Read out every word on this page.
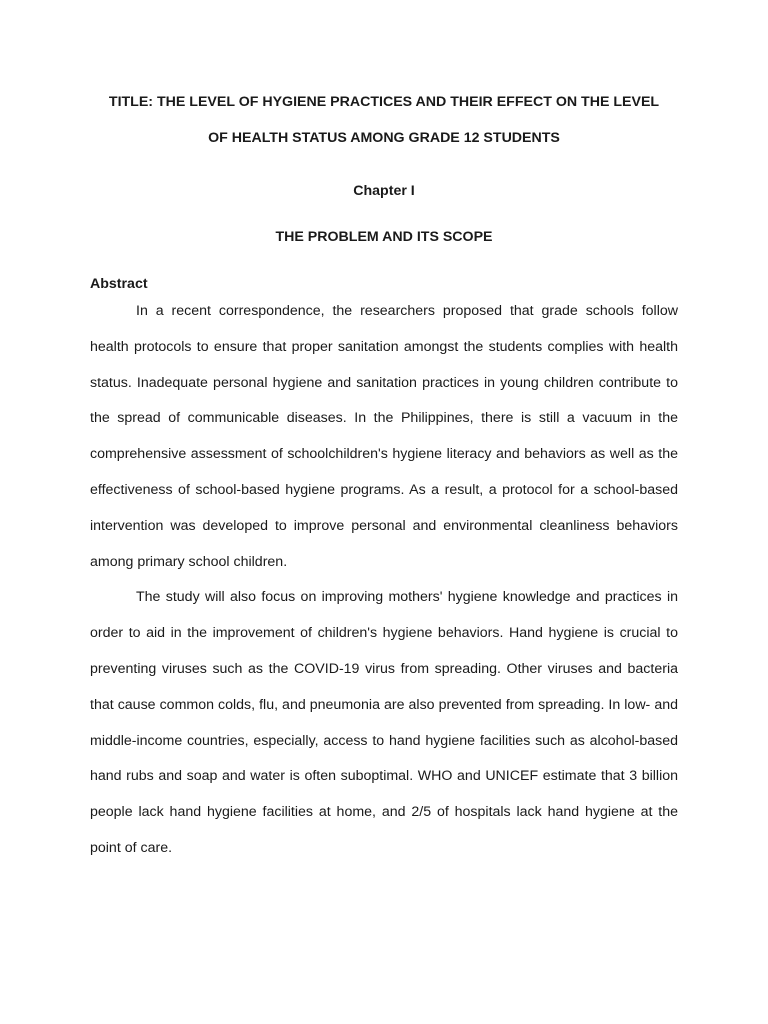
TITLE: THE LEVEL OF HYGIENE PRACTICES AND THEIR EFFECT ON THE LEVEL
OF HEALTH STATUS AMONG GRADE 12 STUDENTS
Chapter I
THE PROBLEM AND ITS SCOPE
Abstract

In a recent correspondence, the researchers proposed that grade schools follow health protocols to ensure that proper sanitation amongst the students complies with health status. Inadequate personal hygiene and sanitation practices in young children contribute to the spread of communicable diseases. In the Philippines, there is still a vacuum in the comprehensive assessment of schoolchildren's hygiene literacy and behaviors as well as the effectiveness of school-based hygiene programs. As a result, a protocol for a school-based intervention was developed to improve personal and environmental cleanliness behaviors among primary school children.

The study will also focus on improving mothers' hygiene knowledge and practices in order to aid in the improvement of children's hygiene behaviors. Hand hygiene is crucial to preventing viruses such as the COVID-19 virus from spreading. Other viruses and bacteria that cause common colds, flu, and pneumonia are also prevented from spreading. In low- and middle-income countries, especially, access to hand hygiene facilities such as alcohol-based hand rubs and soap and water is often suboptimal. WHO and UNICEF estimate that 3 billion people lack hand hygiene facilities at home, and 2/5 of hospitals lack hand hygiene at the point of care.
